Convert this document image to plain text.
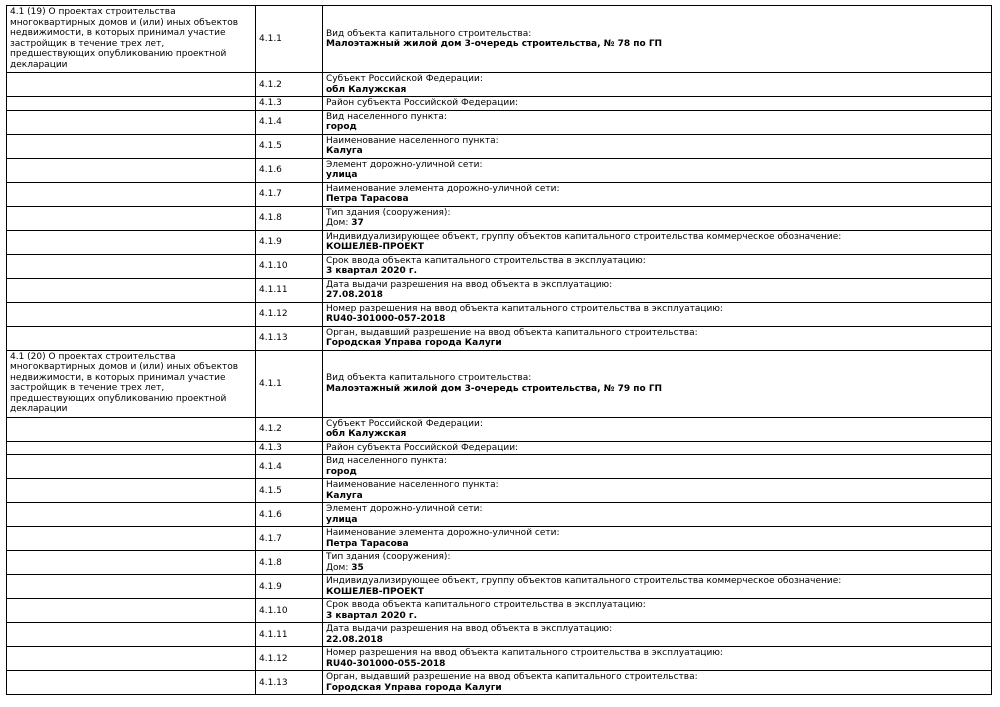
4.1 (19) О проектах строительства многоквартирных домов и (или) иных объектов недвижимости, в которых принимал участие застройщик в течение трех лет, предшествующих опубликованию проектной декларации	4.1.1	Вид объекта капитального строительства:
Малоэтажный жилой дом 3-очередь строительства, № 78 по ГП

	4.1.2	Субъект Российской Федерации:
обл Калужская

	4.1.3	Район субъекта Российской Федерации:

	4.1.4	Вид населенного пункта:
город

	4.1.5	Наименование населенного пункта:
Калуга

	4.1.6	Элемент дорожно-уличной сети:
улица

	4.1.7	Наименование элемента дорожно-уличной сети:
Петра Тарасова

	4.1.8	Тип здания (сооружения):
Дом: 37

	4.1.9	Индивидуализирующее объект, группу объектов капитального строительства коммерческое обозначение:
КОШЕЛЕВ-ПРОЕКТ

	4.1.10	Срок ввода объекта капитального строительства в эксплуатацию:
3 квартал 2020 г.

	4.1.11	Дата выдачи разрешения на ввод объекта в эксплуатацию:
27.08.2018

	4.1.12	Номер разрешения на ввод объекта капитального строительства в эксплуатацию:
RU40-301000-057-2018

	4.1.13	Орган, выдавший разрешение на ввод объекта капитального строительства:
Городская Управа города Калуги

4.1 (20) О проектах строительства многоквартирных домов и (или) иных объектов недвижимости, в которых принимал участие застройщик в течение трех лет, предшествующих опубликованию проектной декларации	4.1.1	Вид объекта капитального строительства:
Малоэтажный жилой дом 3-очередь строительства, № 79 по ГП

	4.1.2	Субъект Российской Федерации:
обл Калужская

	4.1.3	Район субъекта Российской Федерации:

	4.1.4	Вид населенного пункта:
город

	4.1.5	Наименование населенного пункта:
Калуга

	4.1.6	Элемент дорожно-уличной сети:
улица

	4.1.7	Наименование элемента дорожно-уличной сети:
Петра Тарасова

	4.1.8	Тип здания (сооружения):
Дом: 35

	4.1.9	Индивидуализирующее объект, группу объектов капитального строительства коммерческое обозначение:
КОШЕЛЕВ-ПРОЕКТ

	4.1.10	Срок ввода объекта капитального строительства в эксплуатацию:
3 квартал 2020 г.

	4.1.11	Дата выдачи разрешения на ввод объекта в эксплуатацию:
22.08.2018

	4.1.12	Номер разрешения на ввод объекта капитального строительства в эксплуатацию:
RU40-301000-055-2018

	4.1.13	Орган, выдавший разрешение на ввод объекта капитального строительства:
Городская Управа города Калуги
